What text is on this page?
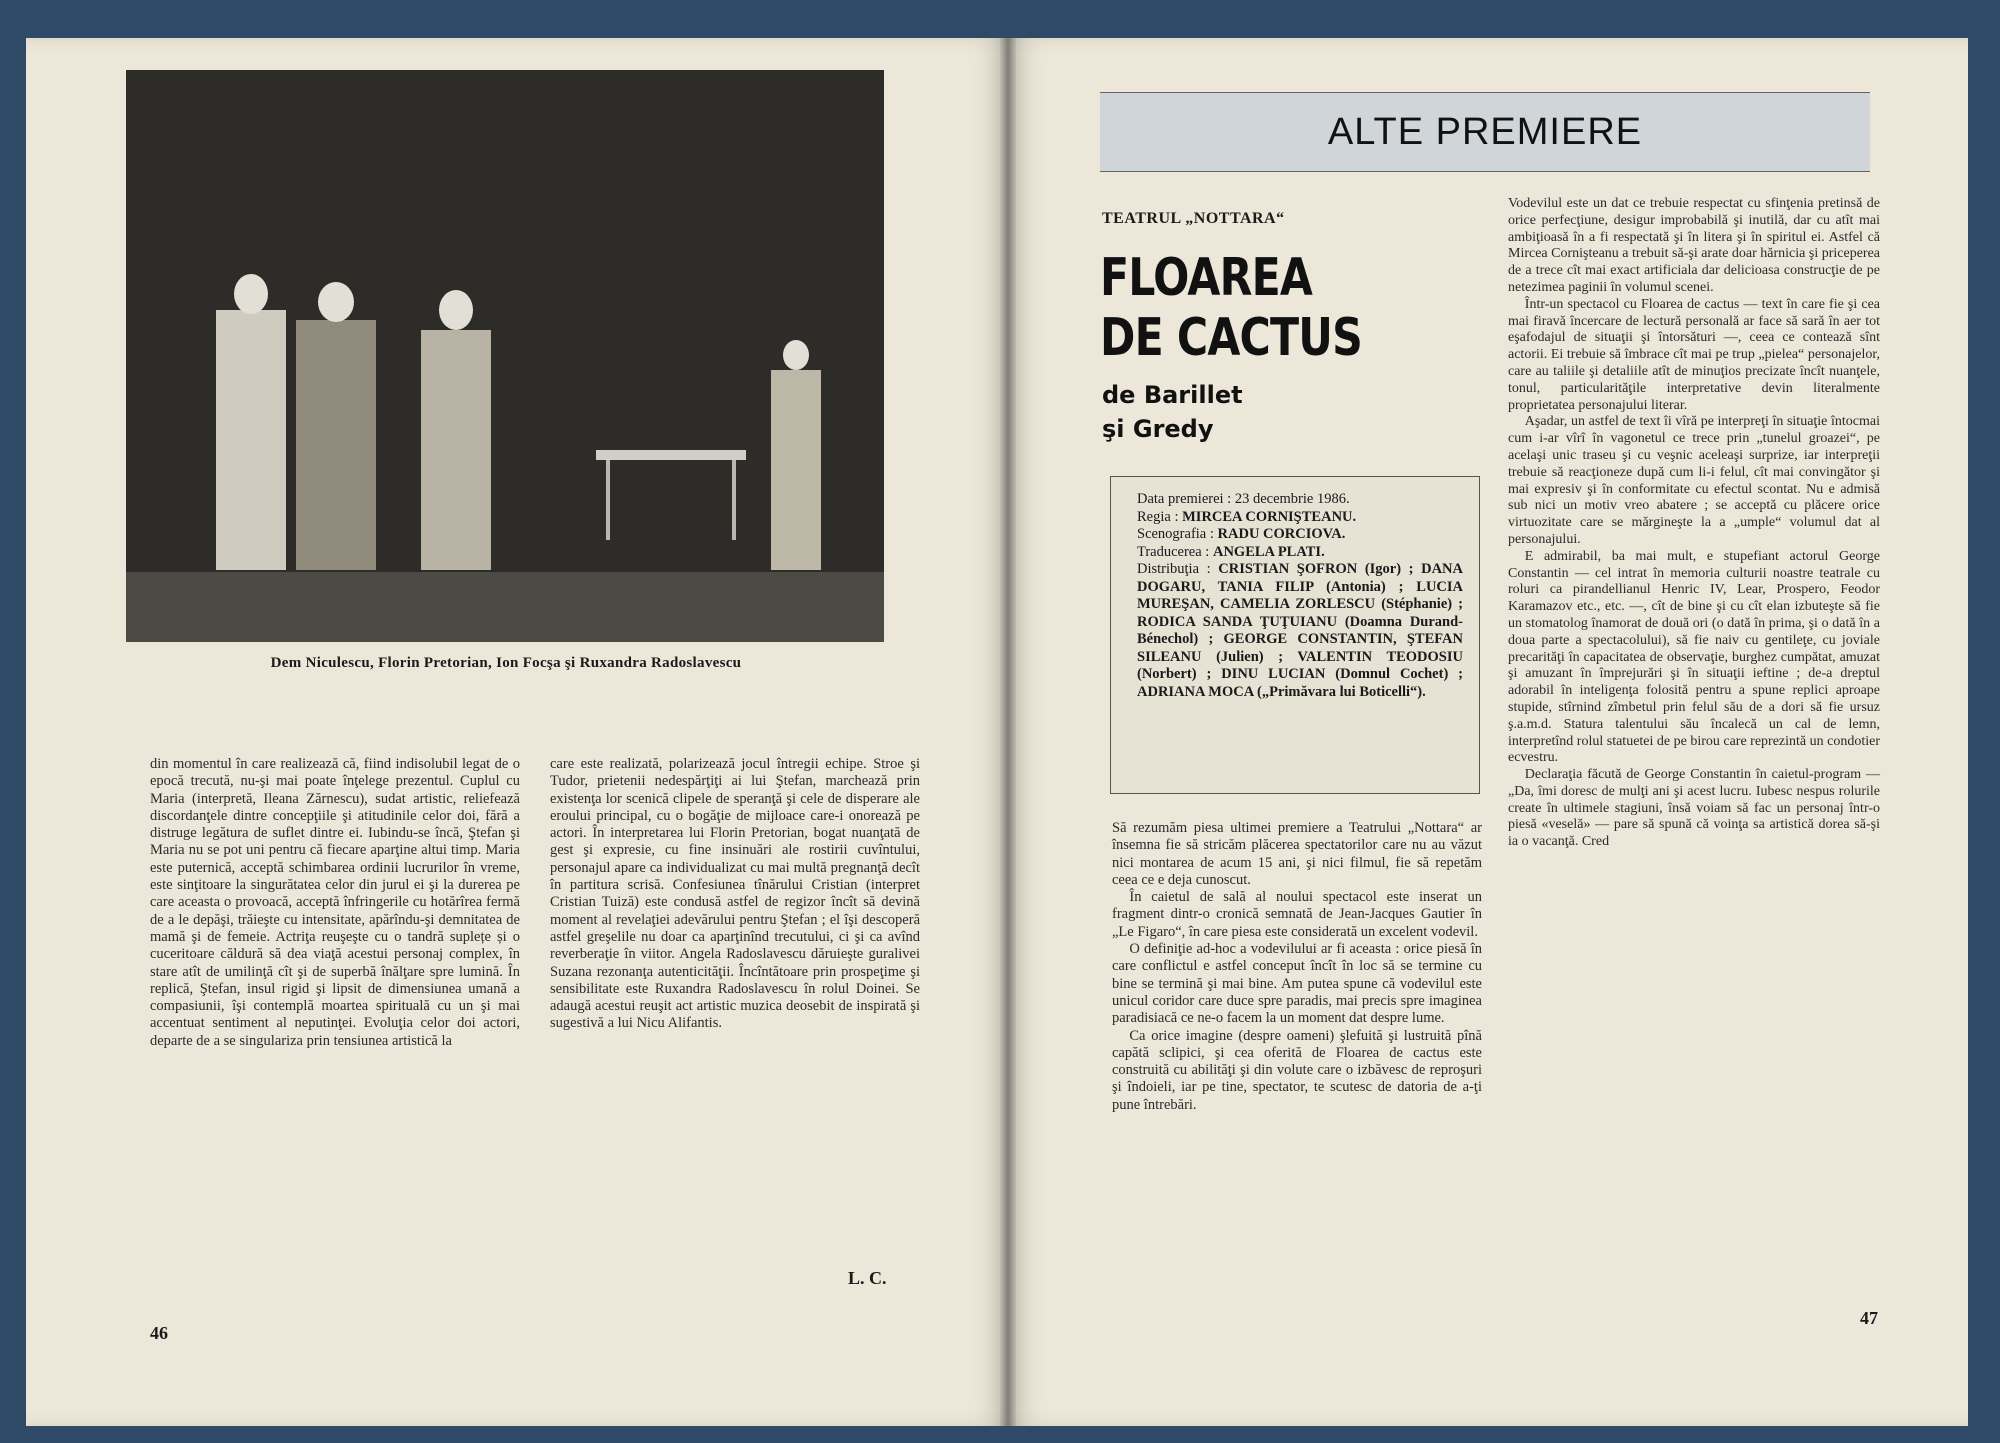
Dem Niculescu, Florin Pretorian, Ion Focşa şi Ruxandra Radoslavescu

din momentul în care realizează că, fiind indisolubil legat de o epocă trecută, nu-şi mai poate înţelege prezentul. Cuplul cu Maria (interpretă, Ileana Zărnescu), sudat artistic, reliefează discordanţele dintre concepţiile şi atitudinile celor doi, fără a distruge legătura de suflet dintre ei. Iubindu-se încă, Ştefan şi Maria nu se pot uni pentru că fiecare aparţine altui timp. Maria este puternică, acceptă schimbarea ordinii lucrurilor în vreme, este sinţitoare la singurătatea celor din jurul ei şi la durerea pe care aceasta o provoacă, acceptă înfringerile cu hotărîrea fermă de a le depăşi, trăieşte cu intensitate, apărîndu-şi demnitatea de mamă şi de femeie. Actriţa reuşeşte cu o tandră suplețe și o cuceritoare căldură să dea viaţă acestui personaj complex, în stare atît de umilinţă cît şi de superbă înălţare spre lumină. În replică, Ştefan, insul rigid şi lipsit de dimensiunea umană a compasiunii, îşi contemplă moartea spirituală cu un şi mai accentuat sentiment al neputinţei. Evoluţia celor doi actori, departe de a se singulariza prin tensiunea artistică la

care este realizată, polarizează jocul întregii echipe. Stroe şi Tudor, prietenii nedespărţiţi ai lui Ştefan, marchează prin existenţa lor scenică clipele de speranţă şi cele de disperare ale eroului principal, cu o bogăţie de mijloace care-i onorează pe actori. În interpretarea lui Florin Pretorian, bogat nuanţată de gest şi expresie, cu fine insinuări ale rostirii cuvîntului, personajul apare ca individualizat cu mai multă pregnanţă decît în partitura scrisă. Confesiunea tînărului Cristian (interpret Cristian Tuiză) este condusă astfel de regizor încît să devină moment al revelaţiei adevărului pentru Ştefan ; el îşi descoperă astfel greşelile nu doar ca aparţinînd trecutului, ci şi ca avînd reverberaţie în viitor. Angela Radoslavescu dăruieşte guralivei Suzana rezonanţa autenticităţii. Încîntătoare prin prospeţime şi sensibilitate este Ruxandra Radoslavescu în rolul Doinei. Se adaugă acestui reuşit act artistic muzica deosebit de inspirată şi sugestivă a lui Nicu Alifantis.

L. C.
46
ALTE PREMIERE
TEATRUL „NOTTARA“
FLOAREA
DE CACTUS
de Barillet
şi Gredy

Data premierei : 23 decembrie 1986.

Regia : MIRCEA CORNIŞTEANU.

Scenografia : RADU CORCIOVA.

Traducerea : ANGELA PLATI.

Distribuţia : CRISTIAN ŞOFRON (Igor) ; DANA DOGARU, TANIA FILIP (Antonia) ; LUCIA MUREŞAN, CAMELIA ZORLESCU (Stéphanie) ; RODICA SANDA ŢUŢUIANU (Doamna Durand-Bénechol) ; GEORGE CONSTANTIN, ŞTEFAN SILEANU (Julien) ; VALENTIN TEODOSIU (Norbert) ; DINU LUCIAN (Domnul Cochet) ; ADRIANA MOCA („Primăvara lui Boticelli“).

Să rezumăm piesa ultimei premiere a Teatrului „Nottara“ ar însemna fie să stricăm plăcerea spectatorilor care nu au văzut nici montarea de acum 15 ani, şi nici filmul, fie să repetăm ceea ce e deja cunoscut.

În caietul de sală al noului spectacol este inserat un fragment dintr-o cronică semnată de Jean-Jacques Gautier în „Le Figaro“, în care piesa este considerată un excelent vodevil.

O definiţie ad-hoc a vodevilului ar fi aceasta : orice piesă în care conflictul e astfel conceput încît în loc să se termine cu bine se termină şi mai bine. Am putea spune că vodevilul este unicul coridor care duce spre paradis, mai precis spre imaginea paradisiacă ce ne-o facem la un moment dat despre lume.

Ca orice imagine (despre oameni) şlefuită şi lustruită pînă capătă sclipici, şi cea oferită de Floarea de cactus este construită cu abilităţi şi din volute care o izbăvesc de reproşuri şi îndoieli, iar pe tine, spectator, te scutesc de datoria de a-ţi pune întrebări.

Vodevilul este un dat ce trebuie respectat cu sfinţenia pretinsă de orice perfecţiune, desigur improbabilă şi inutilă, dar cu atît mai ambiţioasă în a fi respectată şi în litera şi în spiritul ei. Astfel că Mircea Cornişteanu a trebuit să-şi arate doar hărnicia şi priceperea de a trece cît mai exact artificiala dar delicioasa construcţie de pe netezimea paginii în volumul scenei.

Într-un spectacol cu Floarea de cactus — text în care fie şi cea mai firavă încercare de lectură personală ar face să sară în aer tot eşafodajul de situaţii şi întorsături —, ceea ce contează sînt actorii. Ei trebuie să îmbrace cît mai pe trup „pielea“ personajelor, care au taliile şi detaliile atît de minuţios precizate încît nuanţele, tonul, particularităţile interpretative devin literalmente proprietatea personajului literar.

Aşadar, un astfel de text îi vîră pe interpreţi în situaţie întocmai cum i-ar vîrî în vagonetul ce trece prin „tunelul groazei“, pe acelaşi unic traseu şi cu veşnic aceleaşi surprize, iar interpreţii trebuie să reacţioneze după cum li-i felul, cît mai convingător şi mai expresiv şi în conformitate cu efectul scontat. Nu e admisă sub nici un motiv vreo abatere ; se acceptă cu plăcere orice virtuozitate care se mărgineşte la a „umple“ volumul dat al personajului.

E admirabil, ba mai mult, e stupefiant actorul George Constantin — cel intrat în memoria culturii noastre teatrale cu roluri ca pirandellianul Henric IV, Lear, Prospero, Feodor Karamazov etc., etc. —, cît de bine şi cu cît elan izbuteşte să fie un stomatolog înamorat de două ori (o dată în prima, şi o dată în a doua parte a spectacolului), să fie naiv cu gentileţe, cu joviale precarităţi în capacitatea de observaţie, burghez cumpătat, amuzat şi amuzant în împrejurări şi în situaţii ieftine ; de-a dreptul adorabil în inteligenţa folosită pentru a spune replici aproape stupide, stîrnind zîmbetul prin felul său de a dori să fie ursuz ş.a.m.d. Statura talentului său încalecă un cal de lemn, interpretînd rolul statuetei de pe birou care reprezintă un condotier ecvestru.

Declaraţia făcută de George Constantin în caietul-program — „Da, îmi doresc de mulţi ani şi acest lucru. Iubesc nespus rolurile create în ultimele stagiuni, însă voiam să fac un personaj într-o piesă «veselă» — pare să spună că voinţa sa artistică dorea să-şi ia o vacanţă. Cred

47
